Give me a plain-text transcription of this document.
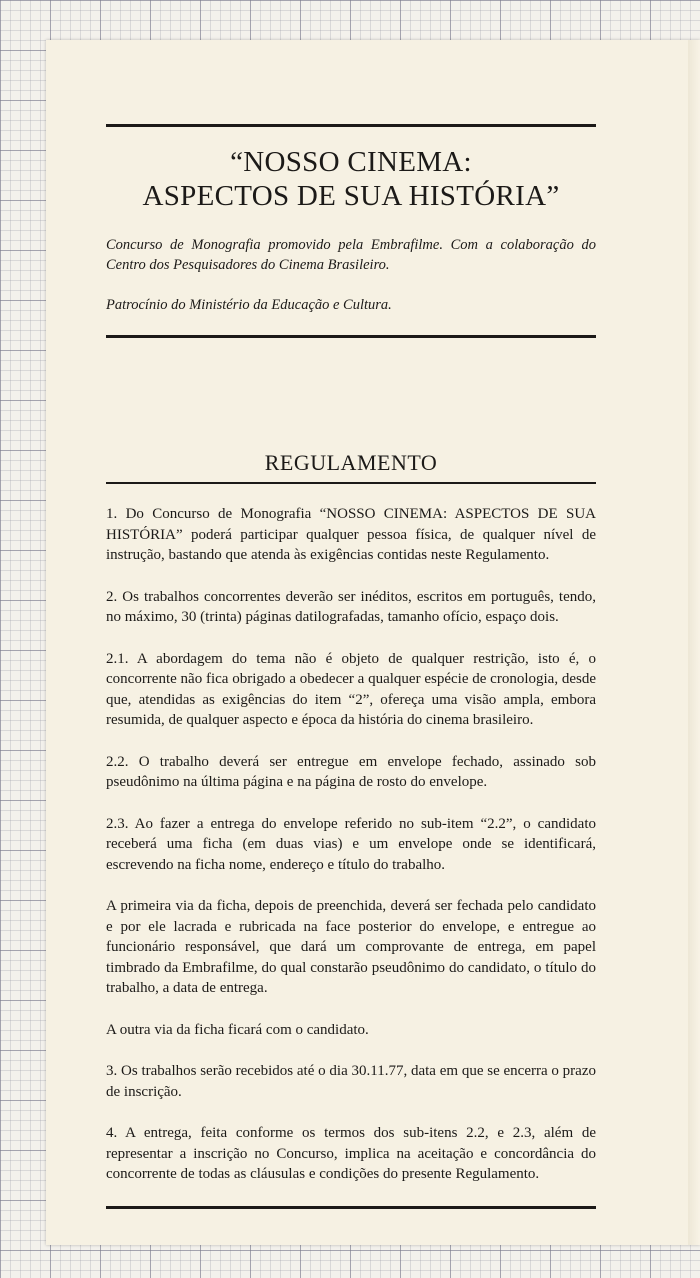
“NOSSO CINEMA:
ASPECTOS DE SUA HISTÓRIA”

Concurso de Monografia promovido pela Embrafilme. Com a colaboração do Centro dos Pesquisadores do Cinema Brasileiro.

Patrocínio do Ministério da Educação e Cultura.

REGULAMENTO

1. Do Concurso de Monografia “NOSSO CINEMA: ASPECTOS DE SUA HISTÓRIA” poderá participar qualquer pessoa física, de qualquer nível de instrução, bastando que atenda às exigências contidas neste Regulamento.

2. Os trabalhos concorrentes deverão ser inéditos, escritos em português, tendo, no máximo, 30 (trinta) páginas datilografadas, tamanho ofício, espaço dois.

2.1. A abordagem do tema não é objeto de qualquer restrição, isto é, o concorrente não fica obrigado a obedecer a qualquer espécie de cronologia, desde que, atendidas as exigências do item “2”, ofereça uma visão ampla, embora resumida, de qualquer aspecto e época da história do cinema brasileiro.

2.2. O trabalho deverá ser entregue em envelope fechado, assinado sob pseudônimo na última página e na página de rosto do envelope.

2.3. Ao fazer a entrega do envelope referido no sub-item “2.2”, o candidato receberá uma ficha (em duas vias) e um envelope onde se identificará, escrevendo na ficha nome, endereço e título do trabalho.

A primeira via da ficha, depois de preenchida, deverá ser fechada pelo candidato e por ele lacrada e rubricada na face posterior do envelope, e entregue ao funcionário responsável, que dará um comprovante de entrega, em papel timbrado da Embrafilme, do qual constarão pseudônimo do candidato, o título do trabalho, a data de entrega.

A outra via da ficha ficará com o candidato.

3. Os trabalhos serão recebidos até o dia 30.11.77, data em que se encerra o prazo de inscrição.

4. A entrega, feita conforme os termos dos sub-itens 2.2, e 2.3, além de representar a inscrição no Concurso, implica na aceitação e concordância do concorrente de todas as cláusulas e condições do presente Regulamento.
